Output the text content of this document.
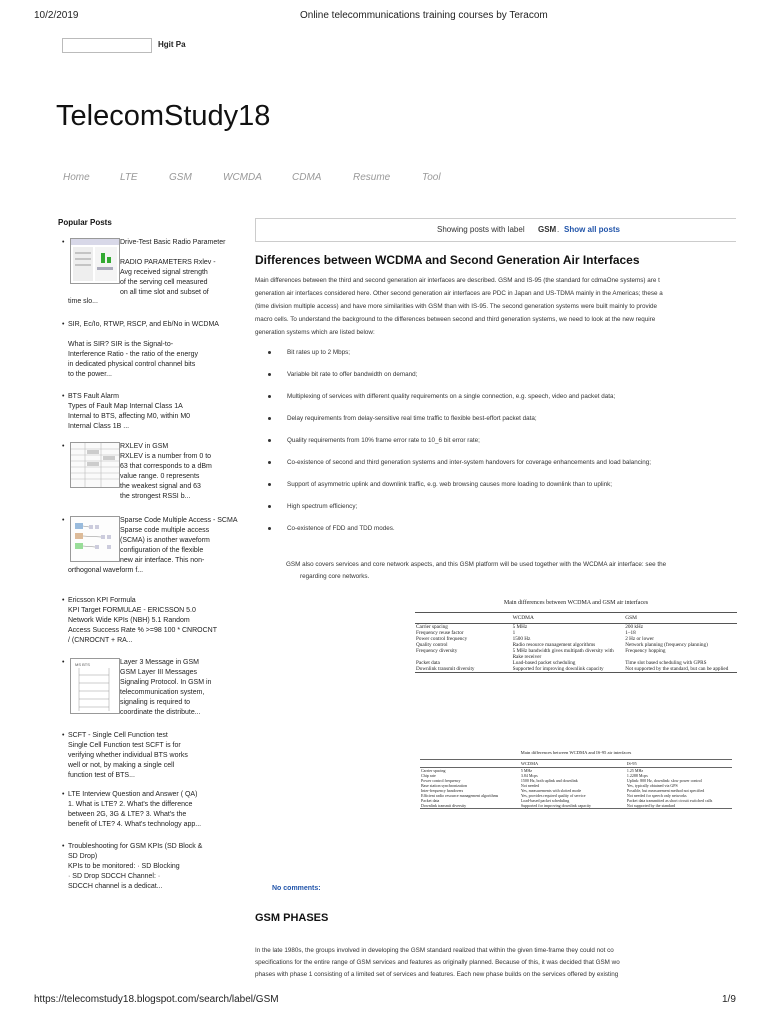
10/2/2019	Online telecommunications training courses by Teracom
Hgit Pa
TelecomStudy18
Home	LTE	GSM	WCMDA	CDMA	Resume	Tool
Popular Posts
•	Drive-Test Basic Radio Parameter
RADIO PARAMETERS Rxlev -
Avg received signal strength
of the serving cell measured
on all time slot and subset of
time slo...
• SIR, Ec/Io, RTWP, RSCP, and Eb/No in WCDMA
What is SIR? SIR is the Signal-to-
Interference Ratio - the ratio of the energy
in dedicated physical control channel bits
to the power...
• BTS Fault Alarm
Types of Fault Map Internal Class 1A
Internal to BTS, affecting M0, within M0
Internal Class 1B ...
•	RXLEV in GSM
RXLEV is a number from 0 to
63 that corresponds to a dBm
value range. 0 represents
the weakest signal and 63
the strongest RSSI b...
•	Sparse Code Multiple Access - SCMA
Sparse code multiple access
(SCMA) is another waveform
configuration of the flexible
new air interface. This non-
orthogonal waveform f...
• Ericsson KPI Formula
KPI Target FORMULAE - ERICSSON 5.0
Network Wide KPIs (NBH) 5.1 Random
Access Success Rate % >=98 100 * CNROCNT
/ (CNROCNT + RA...
•	MS BTS	Layer 3 Message in GSM
GSM Layer III Messages
Signaling Protocol. In GSM in
telecommunication system,
signaling is required to
coordinate the distribute...
• SCFT - Single Cell Function test
Single Cell Function test SCFT is for
verifying whether individual BTS works
well or not, by making a single cell
function test of BTS...
• LTE Interview Question and Answer ( QA)
1. What is LTE? 2. What's the difference
between 2G, 3G & LTE? 3. What's the
benefit of LTE? 4. What's technology app...
• Troubleshooting for GSM KPIs (SD Block & SD Drop)
KPIs to be monitored: · SD Blocking
· SD Drop SDCCH Channel: ·
SDCCH channel is a dedicat...
Showing posts with label GSM . Show all posts
Differences between WCDMA and Second Generation Air Interfaces
Main differences between the third and second generation air interfaces are described. GSM and IS-95 (the standard for cdmaOne systems) are t
generation air interfaces considered here. Other second generation air interfaces are PDC in Japan and US-TDMA mainly in the Americas; these a
(time division multiple access) and have more similarities with GSM than with IS-95. The second generation systems were built mainly to provide
macro cells. To understand the background to the differences between second and third generation systems, we need to look at the new require
generation systems which are listed below:
Bit rates up to 2 Mbps;
Variable bit rate to offer bandwidth on demand;
Multiplexing of services with different quality requirements on a single connection, e.g. speech, video and packet data;
Delay requirements from delay-sensitive real time traffic to flexible best-effort packet data;
Quality requirements from 10% frame error rate to 10_6 bit error rate;
Co-existence of second and third generation systems and inter-system handovers for coverage enhancements and load balancing;
Support of asymmetric uplink and downlink traffic, e.g. web browsing causes more loading to downlink than to uplink;
High spectrum efficiency;
Co-existence of FDD and TDD modes.
GSM also covers services and core network aspects, and this GSM platform will be used together with the WCDMA air interface: see the
regarding core networks.
Main differences between WCDMA and GSM air interfaces
	WCDMA	GSM
Carrier spacing	5 MHz	200 kHz
Frequency reuse factor	1	1–18
Power control frequency	1500 Hz	2 Hz or lower
Quality control	Radio resource management algorithms	Network planning (frequency planning)
Frequency diversity	5 MHz bandwidth gives multipath diversity with Rake receiver	Frequency hopping
Packet data	Load-based packet scheduling	Time slot based scheduling with GPRS
Downlink transmit diversity	Supported for improving downlink capacity	Not supported by the standard, but can be applied
Main differences between WCDMA and IS-95 air interfaces
	WCDMA	IS-95
Carrier spacing	5 MHz	1.25 MHz
Chip rate	3.84 Mcps	1.2288 Mcps
Power control frequency	1500 Hz, both uplink and downlink	Uplink: 800 Hz, downlink: slow power control
Base station synchronization	Not needed	Yes, typically obtained via GPS
Inter-frequency handovers	Yes, measurements with slotted mode	Possible, but measurement method not specified
Efficient radio resource management algorithms	Yes, provides required quality of service	Not needed for speech only networks
Packet data	Load-based packet scheduling	Packet data transmitted as short circuit switched calls
Downlink transmit diversity	Supported for improving downlink capacity	Not supported by the standard
No comments:
GSM PHASES
In the late 1980s, the groups involved in developing the GSM standard realized that within the given time-frame they could not co
specifications for the entire range of GSM services and features as originally planned. Because of this, it was decided that GSM wo
phases with phase 1 consisting of a limited set of services and features. Each new phase builds on the services offered by existing
https://telecomstudy18.blogspot.com/search/label/GSM	1/9
